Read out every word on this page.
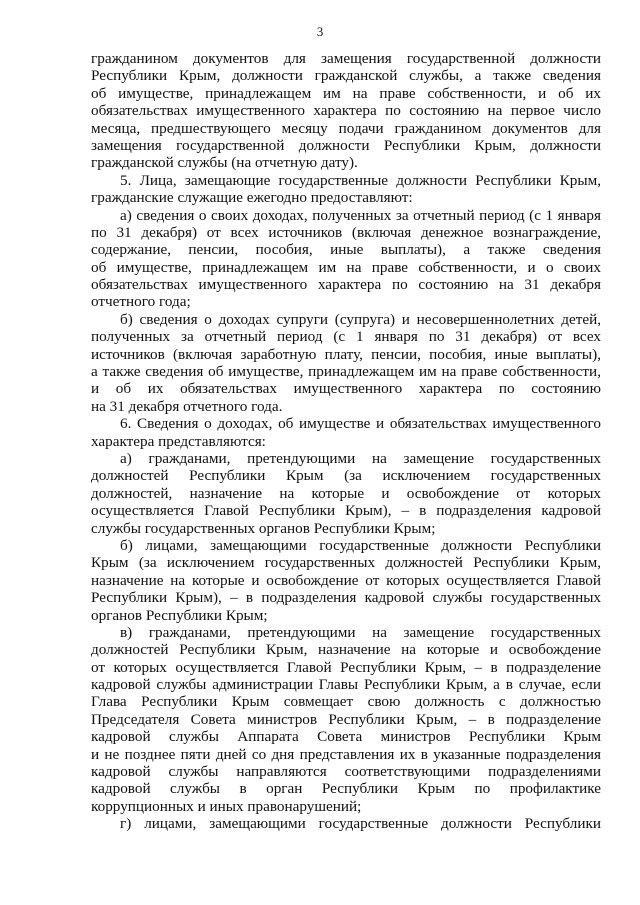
3
гражданином документов для замещения государственной должности
Республики Крым, должности гражданской службы, а также сведения
об имуществе, принадлежащем им на праве собственности, и об их
обязательствах имущественного характера по состоянию на первое число
месяца, предшествующего месяцу подачи гражданином документов для
замещения государственной должности Республики Крым, должности
гражданской службы (на отчетную дату).
5. Лица, замещающие государственные должности Республики Крым,
гражданские служащие ежегодно предоставляют:
а) сведения о своих доходах, полученных за отчетный период (с 1 января
по 31 декабря) от всех источников (включая денежное вознаграждение,
содержание, пенсии, пособия, иные выплаты), а также сведения
об имуществе, принадлежащем им на праве собственности, и о своих
обязательствах имущественного характера по состоянию на 31 декабря
отчетного года;
б) сведения о доходах супруги (супруга) и несовершеннолетних детей,
полученных за отчетный период (с 1 января по 31 декабря) от всех
источников (включая заработную плату, пенсии, пособия, иные выплаты),
а также сведения об имуществе, принадлежащем им на праве собственности,
и об их обязательствах имущественного характера по состоянию
на 31 декабря отчетного года.
6. Сведения о доходах, об имуществе и обязательствах имущественного
характера представляются:
а) гражданами, претендующими на замещение государственных
должностей Республики Крым (за исключением государственных
должностей, назначение на которые и освобождение от которых
осуществляется Главой Республики Крым), – в подразделения кадровой
службы государственных органов Республики Крым;
б) лицами, замещающими государственные должности Республики
Крым (за исключением государственных должностей Республики Крым,
назначение на которые и освобождение от которых осуществляется Главой
Республики Крым), – в подразделения кадровой службы государственных
органов Республики Крым;
в) гражданами, претендующими на замещение государственных
должностей Республики Крым, назначение на которые и освобождение
от которых осуществляется Главой Республики Крым, – в подразделение
кадровой службы администрации Главы Республики Крым, а в случае, если
Глава Республики Крым совмещает свою должность с должностью
Председателя Совета министров Республики Крым, – в подразделение
кадровой службы Аппарата Совета министров Республики Крым
и не позднее пяти дней со дня представления их в указанные подразделения
кадровой службы направляются соответствующими подразделениями
кадровой службы в орган Республики Крым по профилактике
коррупционных и иных правонарушений;
г) лицами, замещающими государственные должности Республики
